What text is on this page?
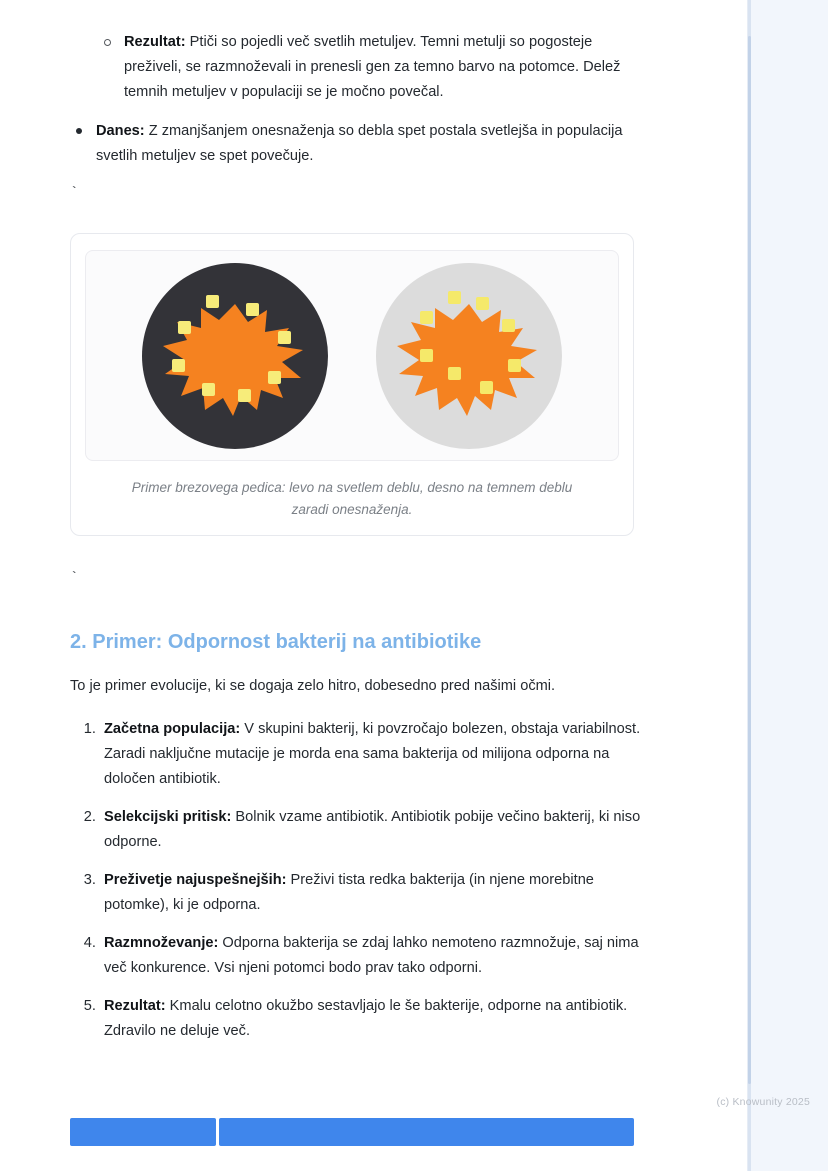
Rezultat: Ptiči so pojedli več svetlih metuljev. Temni metulji so pogosteje preživeli, se razmnoževali in prenesli gen za temno barvo na potomce. Delež temnih metuljev v populaciji se je močno povečal.
Danes: Z zmanjšanjem onesnaženja so debla spet postala svetlejša in populacija svetlih metuljev se spet povečuje.
`
Primer brezovega pedica: levo na svetlem deblu, desno na temnem deblu zaradi onesnaženja.
`
2. Primer: Odpornost bakterij na antibiotike

To je primer evolucije, ki se dogaja zelo hitro, dobesedno pred našimi očmi.

1. Začetna populacija: V skupini bakterij, ki povzročajo bolezen, obstaja variabilnost. Zaradi naključne mutacije je morda ena sama bakterija od milijona odporna na določen antibiotik.
2. Selekcijski pritisk: Bolnik vzame antibiotik. Antibiotik pobije večino bakterij, ki niso odporne.
3. Preživetje najuspešnejših: Preživi tista redka bakterija (in njene morebitne potomke), ki je odporna.
4. Razmnoževanje: Odporna bakterija se zdaj lahko nemoteno razmnožuje, saj nima več konkurence. Vsi njeni potomci bodo prav tako odporni.
5. Rezultat: Kmalu celotno okužbo sestavljajo le še bakterije, odporne na antibiotik. Zdravilo ne deluje več.
(c) Knowunity 2025
